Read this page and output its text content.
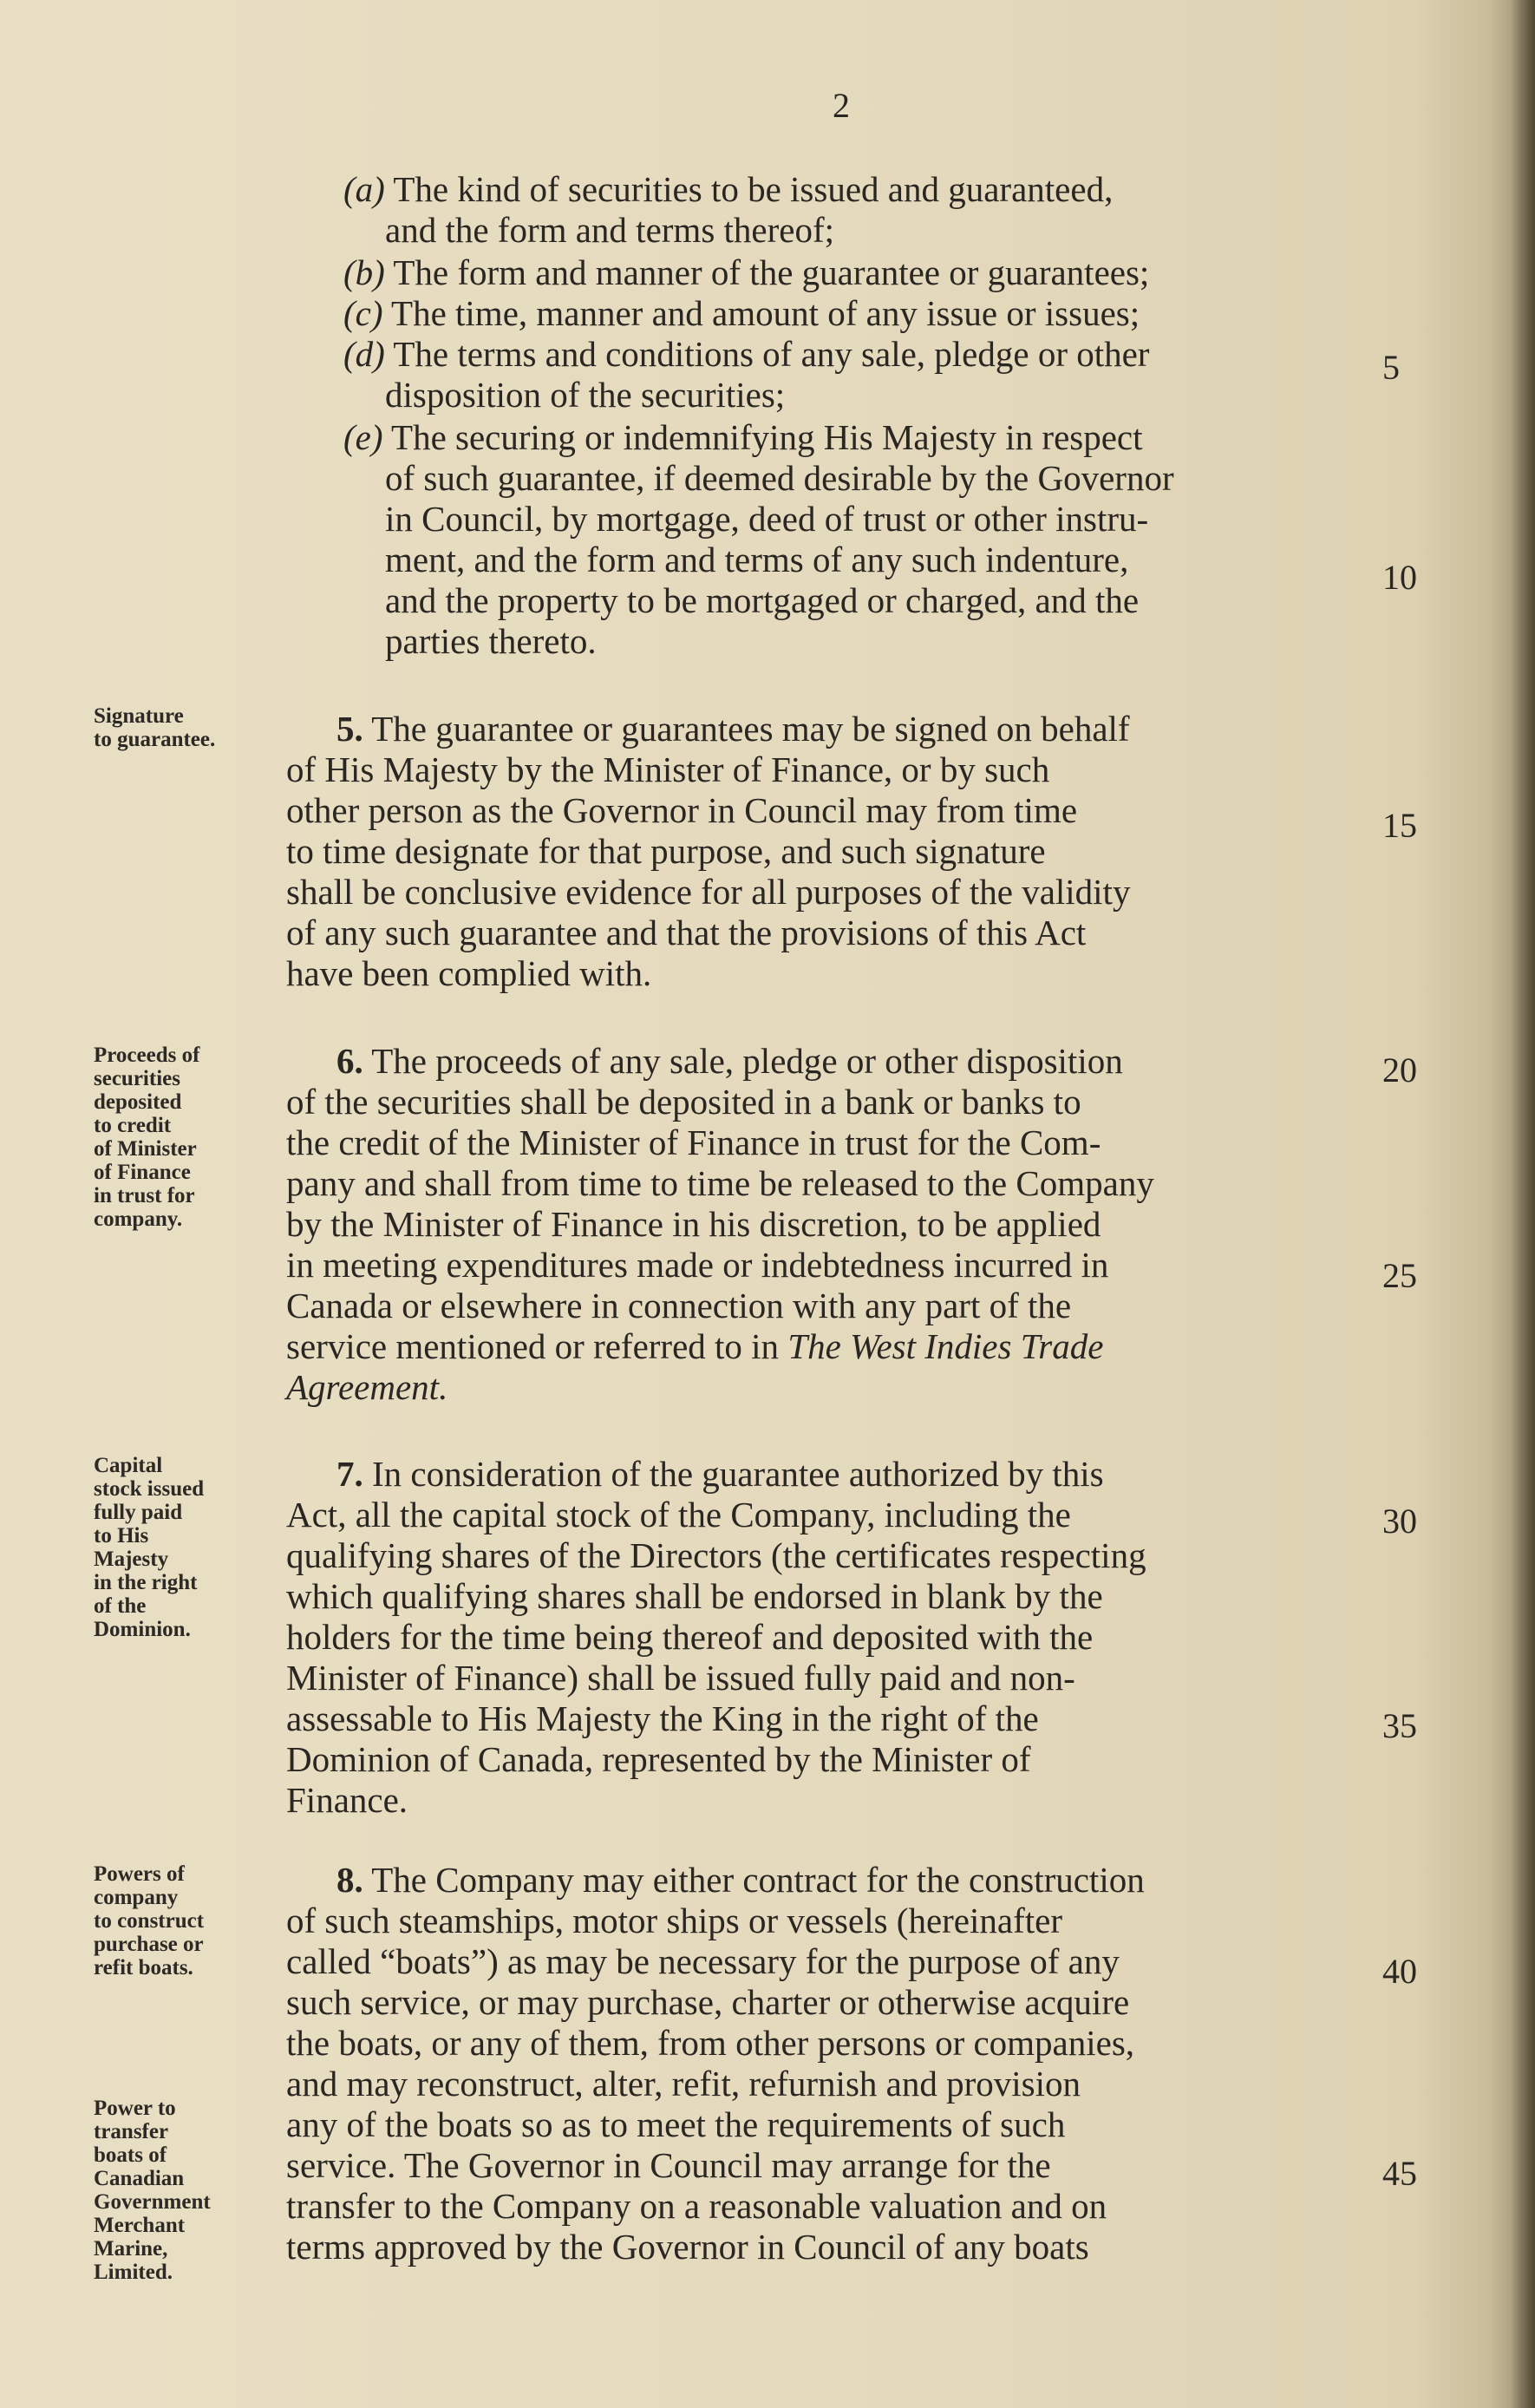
2
(a) The kind of securities to be issued and guaranteed,
and the form and terms thereof;
(b) The form and manner of the guarantee or guarantees;
(c) The time, manner and amount of any issue or issues;
(d) The terms and conditions of any sale, pledge or other
disposition of the securities;
(e) The securing or indemnifying His Majesty in respect
of such guarantee, if deemed desirable by the Governor
in Council, by mortgage, deed of trust or other instru-
ment, and the form and terms of any such indenture,
and the property to be mortgaged or charged, and the
parties thereto.
Signature
to guarantee.	5. The guarantee or guarantees may be signed on behalf
of His Majesty by the Minister of Finance, or by such
other person as the Governor in Council may from time
to time designate for that purpose, and such signature
shall be conclusive evidence for all purposes of the validity
of any such guarantee and that the provisions of this Act
have been complied with.
Proceeds of
securities
deposited
to credit
of Minister
of Finance
in trust for
company.
6. The proceeds of any sale, pledge or other disposition
of the securities shall be deposited in a bank or banks to
the credit of the Minister of Finance in trust for the Com-
pany and shall from time to time be released to the Company
by the Minister of Finance in his discretion, to be applied
in meeting expenditures made or indebtedness incurred in
Canada or elsewhere in connection with any part of the
service mentioned or referred to in The West Indies Trade
Agreement.
Capital
stock issued
fully paid
to His
Majesty
in the right
of the
Dominion.
7. In consideration of the guarantee authorized by this
Act, all the capital stock of the Company, including the
qualifying shares of the Directors (the certificates respecting
which qualifying shares shall be endorsed in blank by the
holders for the time being thereof and deposited with the
Minister of Finance) shall be issued fully paid and non-
assessable to His Majesty the King in the right of the
Dominion of Canada, represented by the Minister of
Finance.
Powers of
company
to construct
purchase or
refit boats.
Power to
transfer
boats of
Canadian
Government
Merchant
Marine,
Limited.
8. The Company may either contract for the construction
of such steamships, motor ships or vessels (hereinafter
called “boats”) as may be necessary for the purpose of any
such service, or may purchase, charter or otherwise acquire
the boats, or any of them, from other persons or companies,
and may reconstruct, alter, refit, refurnish and provision
any of the boats so as to meet the requirements of such
service. The Governor in Council may arrange for the
transfer to the Company on a reasonable valuation and on
terms approved by the Governor in Council of any boats
5
10
15
20
25
30
35
40
45
